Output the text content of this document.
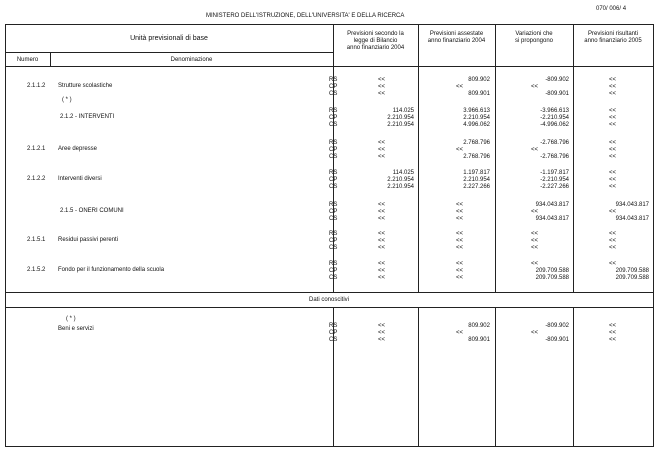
MINISTERO DELL'ISTRUZIONE, DELL'UNIVERSITA' E DELLA RICERCA
070/ 006/ 4
Unità previsionali di base
Numero	Denominazione
Previsioni secondo la
legge di Bilancio
anno finanziario 2004
Previsioni assestate
anno finanziario 2004
Variazioni che
si propongono
Previsioni risultanti
anno finanziario 2005
Dati conoscitivi
2.1.1.2 Strutture scolastiche
( * )
RS	<<	809.902	-809.902	<<
CP	<<	<<	<<	<<
CS	<<	809.901	-809.901	<<
2.1.2 - INTERVENTI
RS	114.025	3.966.613	-3.966.613	<<
CP	2.210.954	2.210.954	-2.210.954	<<
CS	2.210.954	4.996.062	-4.996.062	<<
2.1.2.1 Aree depresse
RS	<<	2.768.796	-2.768.796	<<
CP	<<	<<	<<	<<
CS	<<	2.768.796	-2.768.796	<<
2.1.2.2 Interventi diversi
RS	114.025	1.197.817	-1.197.817	<<
CP	2.210.954	2.210.954	-2.210.954	<<
CS	2.210.954	2.227.266	-2.227.266	<<
2.1.5 - ONERI COMUNI
RS	<<	<<	934.043.817	934.043.817
CP	<<	<<	<<	<<
CS	<<	<<	934.043.817	934.043.817
2.1.5.1 Residui passivi perenti
RS	<<	<<	<<	<<
CP	<<	<<	<<	<<
CS	<<	<<	<<	<<
2.1.5.2 Fondo per il funzionamento della scuola
RS	<<	<<	<<	<<
CP	<<	<<	209.709.588	209.709.588
CS	<<	<<	209.709.588	209.709.588
( * )
Beni e servizi	RS	<<	809.902	-809.902	<<
CP	<<	<<	<<	<<
CS	<<	809.901	-809.901	<<
